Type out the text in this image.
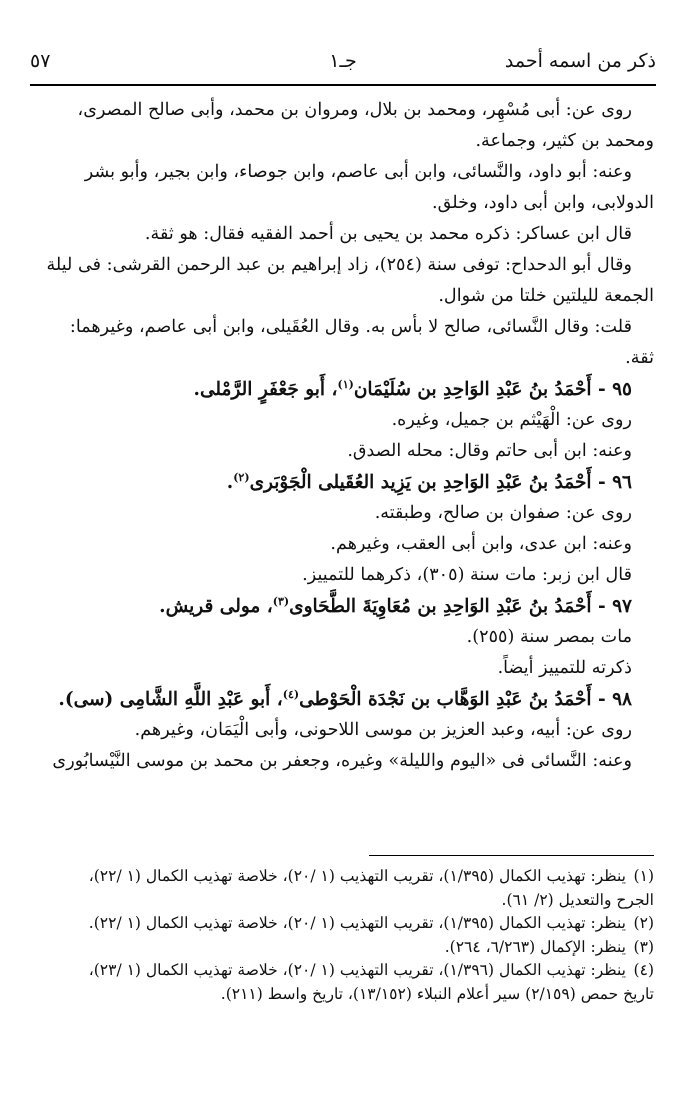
ذكر من اسمه أحمد
جـ١
٥٧

روى عن: أبى مُسْهِر، ومحمد بن بلال، ومروان بن محمد، وأبى صالح المصرى،

ومحمد بن كثير، وجماعة.

وعنه: أبو داود، والنَّسائى، وابن أبى عاصم، وابن جوصاء، وابن بجير، وأبو بشر

الدولابى، وابن أبى داود، وخلق.

قال ابن عساكر: ذكره محمد بن يحيى بن أحمد الفقيه فقال: هو ثقة.

وقال أبو الدحداح: توفى سنة (٢٥٤)، زاد إبراهيم بن عبد الرحمن القرشى: فى ليلة

الجمعة لليلتين خلتا من شوال.

قلت: وقال النَّسائى، صالح لا بأس به. وقال العُقَيلى، وابن أبى عاصم، وغيرهما:

ثقة.

٩٥ - أَحْمَدُ بنُ عَبْدِ الوَاحِدِ بن سُلَيْمَان$^{(١)}$، أَبو جَعْفَرٍ الرَّمْلى.

روى عن: الْهَيْثم بن جميل، وغيره.

وعنه: ابن أبى حاتم وقال: محله الصدق.

٩٦ - أَحْمَدُ بنُ عَبْدِ الوَاحِدِ بن يَزِيد العُقَيلى الْجَوْبَرى$^{(٢)}$.

روى عن: صفوان بن صالح، وطبقته.

وعنه: ابن عدى، وابن أبى العقب، وغيرهم.

قال ابن زبر: مات سنة (٣٠٥)، ذكرهما للتمييز.

٩٧ - أَحْمَدُ بنُ عَبْدِ الوَاحِدِ بن مُعَاوِيَةَ الطَّحَاوى$^{(٣)}$، مولى قريش.

مات بمصر سنة (٢٥٥).

ذكرته للتمييز أيضاً.

٩٨ - أَحْمَدُ بنُ عَبْدِ الوَهَّاب بن نَجْدَة الْحَوْطى$^{(٤)}$، أَبو عَبْدِ اللَّهِ الشَّامِى (سى).

روى عن: أبيه، وعبد العزيز بن موسى اللاحونى، وأبى الْيَمَان، وغيرهم.

وعنه: النَّسائى فى «اليوم والليلة» وغيره، وجعفر بن محمد بن موسى النَّيْسابُورى

(١)ينظر: تهذيب الكمال (١/٣٩٥)، تقريب التهذيب (١ /٢٠)، خلاصة تهذيب الكمال (١ /٢٢)،

الجرح والتعديل (٢/ ٦١).

(٢)ينظر: تهذيب الكمال (١/٣٩٥)، تقريب التهذيب (١ /٢٠)، خلاصة تهذيب الكمال (١ /٢٢).

(٣)ينظر: الإكمال (٦/٢٦٣، ٢٦٤).

(٤)ينظر: تهذيب الكمال (١/٣٩٦)، تقريب التهذيب (١ /٢٠)، خلاصة تهذيب الكمال (١ /٢٣)،

تاريخ حمص (٢/١٥٩) سير أعلام النبلاء (١٣/١٥٢)، تاريخ واسط (٢١١).
